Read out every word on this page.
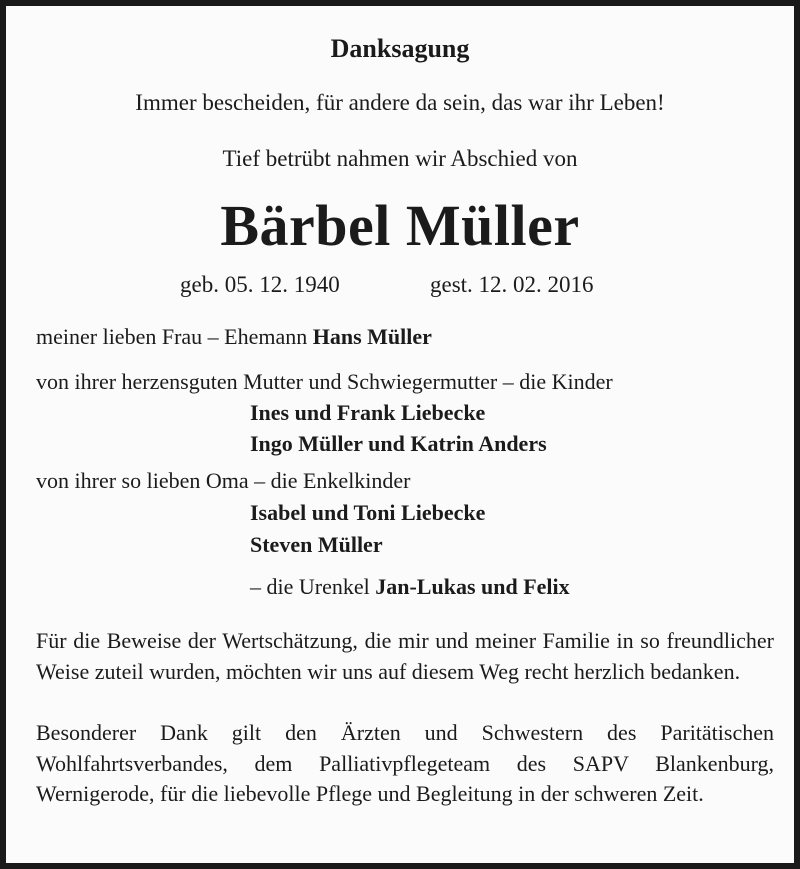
Danksagung
Immer bescheiden, für andere da sein, das war ihr Leben!
Tief betrübt nahmen wir Abschied von
Bärbel Müller
geb. 05. 12. 1940	gest. 12. 02. 2016
meiner lieben Frau – Ehemann Hans Müller
von ihrer herzensguten Mutter und Schwiegermutter – die Kinder
Ines und Frank Liebecke
Ingo Müller und Katrin Anders
von ihrer so lieben Oma – die Enkelkinder
Isabel und Toni Liebecke
Steven Müller
– die Urenkel Jan-Lukas und Felix
Für die Beweise der Wertschätzung, die mir und meiner Familie in so freundlicher Weise zuteil wurden, möchten wir uns auf diesem Weg recht herzlich bedanken.
Besonderer Dank gilt den Ärzten und Schwestern des Paritätischen Wohlfahrtsverbandes, dem Palliativpflegeteam des SAPV Blankenburg, Wernigerode, für die liebevolle Pflege und Begleitung in der schweren Zeit.
